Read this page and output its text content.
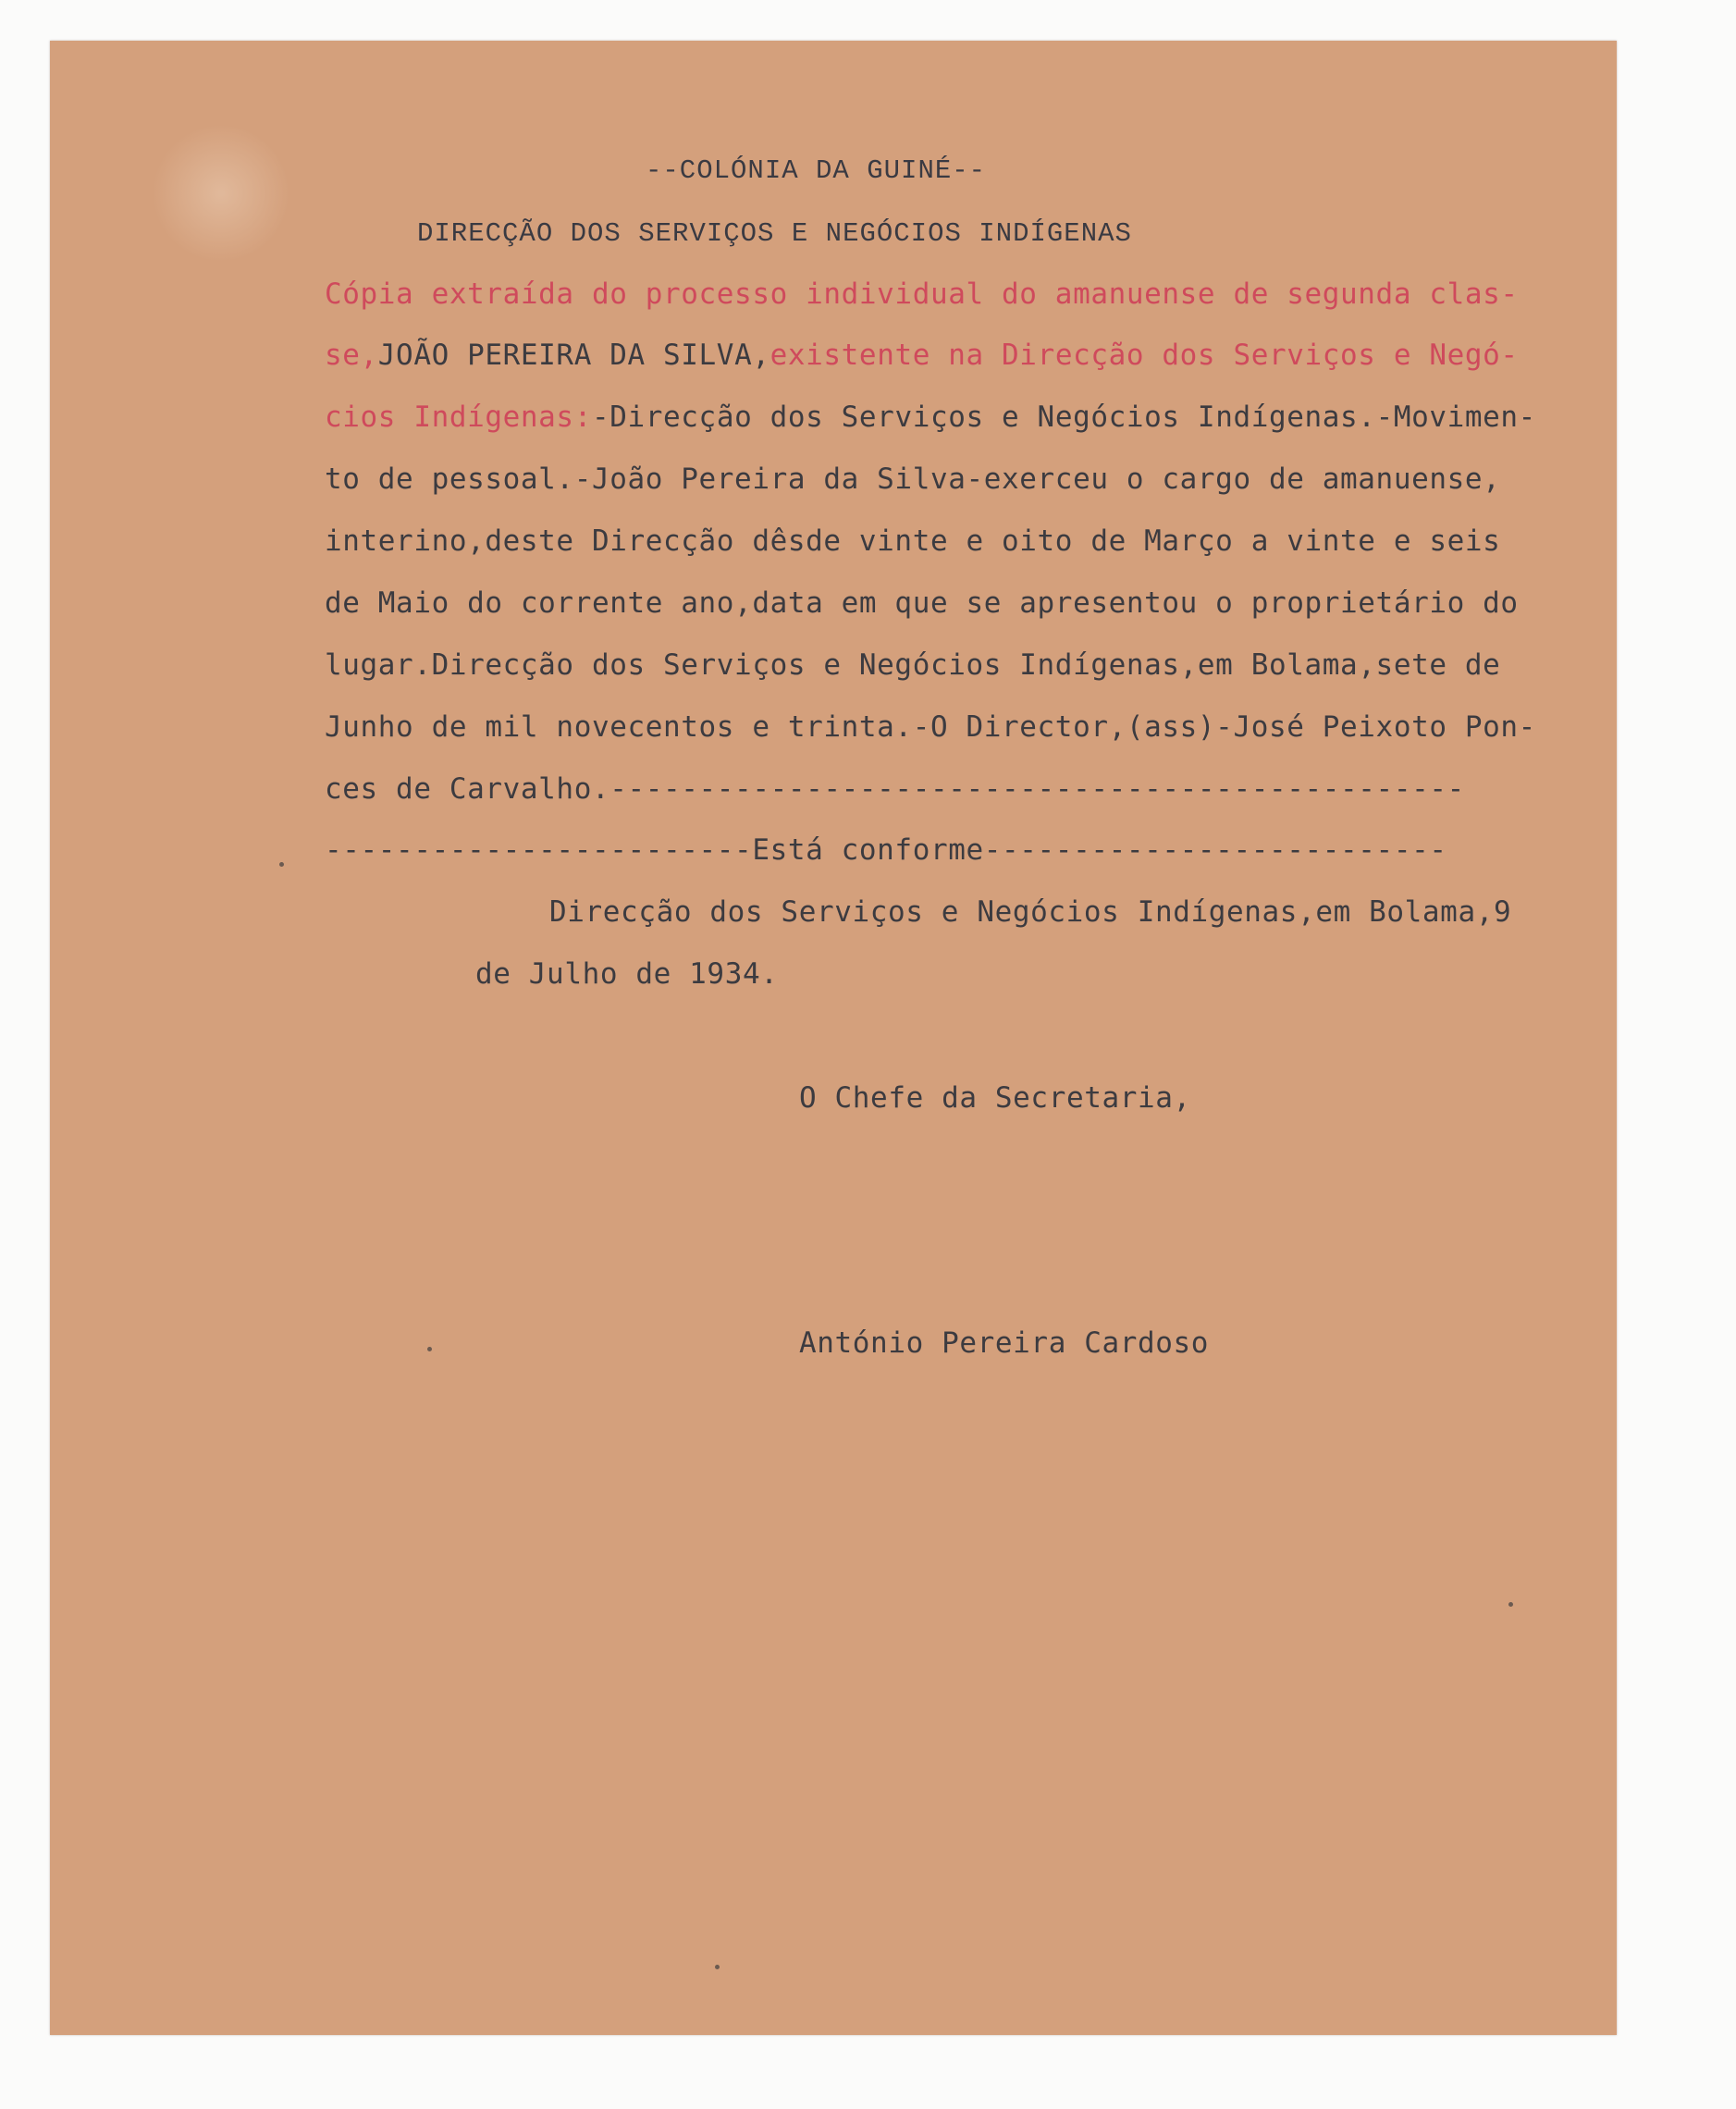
--COLÓNIA DA GUINÉ--
DIRECÇÃO DOS SERVIÇOS E NEGÓCIOS INDÍGENAS
Cópia extraída do processo individual do amanuense de segunda clas-
se,JOÃO PEREIRA DA SILVA,existente na Direcção dos Serviços e Negó-
cios Indígenas:-Direcção dos Serviços e Negócios Indígenas.-Movimen-
to de pessoal.-João Pereira da Silva-exerceu o cargo de amanuense,
interino,deste Direcção dêsde vinte e oito de Março a vinte e seis
de Maio do corrente ano,data em que se apresentou o proprietário do
lugar.Direcção dos Serviços e Negócios Indígenas,em Bolama,sete de
Junho de mil novecentos e trinta.-O Director,(ass)-José Peixoto Pon-
ces de Carvalho.------------------------------------------------
------------------------Está conforme--------------------------
Direcção dos Serviços e Negócios Indígenas,em Bolama,9
de Julho de 1934.
O Chefe da Secretaria,
António Pereira Cardoso
